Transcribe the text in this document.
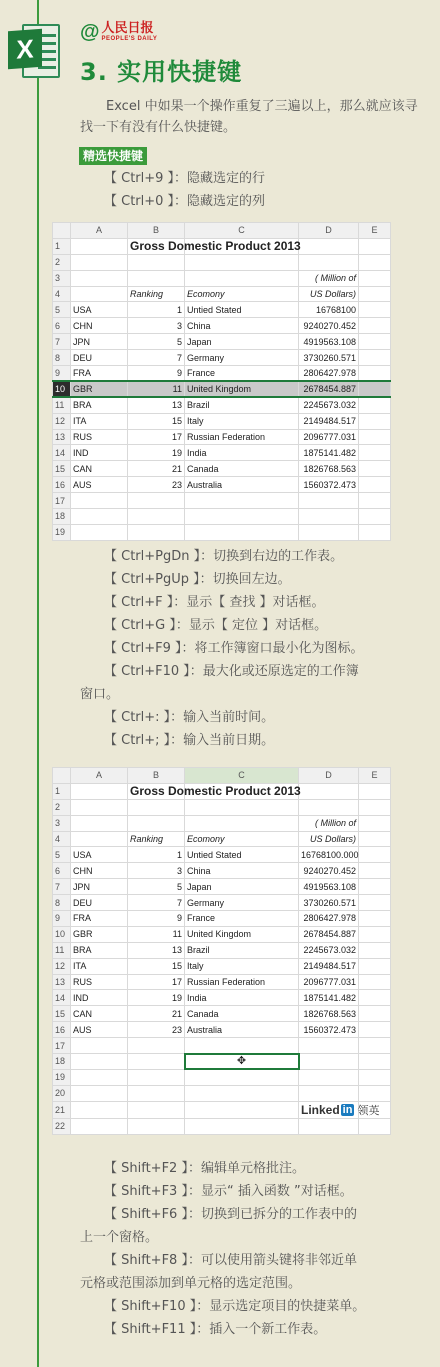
X
@ 人民日报
PEOPLE'S DAILY
3. 实用快捷键
Excel 中如果一个操作重复了三遍以上，那么就应该寻找一下有没有什么快捷键。
精选快捷键
【 Ctrl+9 】：隐藏选定的行
【 Ctrl+0 】：隐藏选定的列
	A	B	C	D	E
1		Gross Domestic Product 2013			
2					
3				( Million of	
4		Ranking	Ecomony	US Dollars)	
5	USA	1	Untied Stated	16768100	
6	CHN	3	China	9240270.452	
7	JPN	5	Japan	4919563.108	
8	DEU	7	Germany	3730260.571	
9	FRA	9	France	2806427.978	
10	GBR	11	United Kingdom	2678454.887	
11	BRA	13	Brazil	2245673.032	
12	ITA	15	Italy	2149484.517	
13	RUS	17	Russian Federation	2096777.031	
14	IND	19	India	1875141.482	
15	CAN	21	Canada	1826768.563	
16	AUS	23	Australia	1560372.473	
17					
18					
19					
【 Ctrl+PgDn 】：切换到右边的工作表。
【 Ctrl+PgUp 】：切换回左边。
【 Ctrl+F 】：显示【 查找 】对话框。
【 Ctrl+G 】：显示【 定位 】对话框。
【 Ctrl+F9 】：将工作簿窗口最小化为图标。
【 Ctrl+F10 】：最大化或还原选定的工作簿
窗口。
【 Ctrl+: 】：输入当前时间。
【 Ctrl+; 】：输入当前日期。
	A	B	C	D	E
1		Gross Domestic Product 2013			
2					
3				( Million of	
4		Ranking	Ecomony	US Dollars)	
5	USA	1	Untied Stated	16768100.000	
6	CHN	3	China	9240270.452	
7	JPN	5	Japan	4919563.108	
8	DEU	7	Germany	3730260.571	
9	FRA	9	France	2806427.978	
10	GBR	11	United Kingdom	2678454.887	
11	BRA	13	Brazil	2245673.032	
12	ITA	15	Italy	2149484.517	
13	RUS	17	Russian Federation	2096777.031	
14	IND	19	India	1875141.482	
15	CAN	21	Canada	1826768.563	
16	AUS	23	Australia	1560372.473	
17					
18			✥		

19					
20					
21				Linked in 领英	

22					
【 Shift+F2 】：编辑单元格批注。
【 Shift+F3 】：显示“ 插入函数 ”对话框。
【 Shift+F6 】：切换到已拆分的工作表中的
上一个窗格。
【 Shift+F8 】：可以使用箭头键将非邻近单
元格或范围添加到单元格的选定范围。
【 Shift+F10 】：显示选定项目的快捷菜单。
【 Shift+F11 】：插入一个新工作表。
